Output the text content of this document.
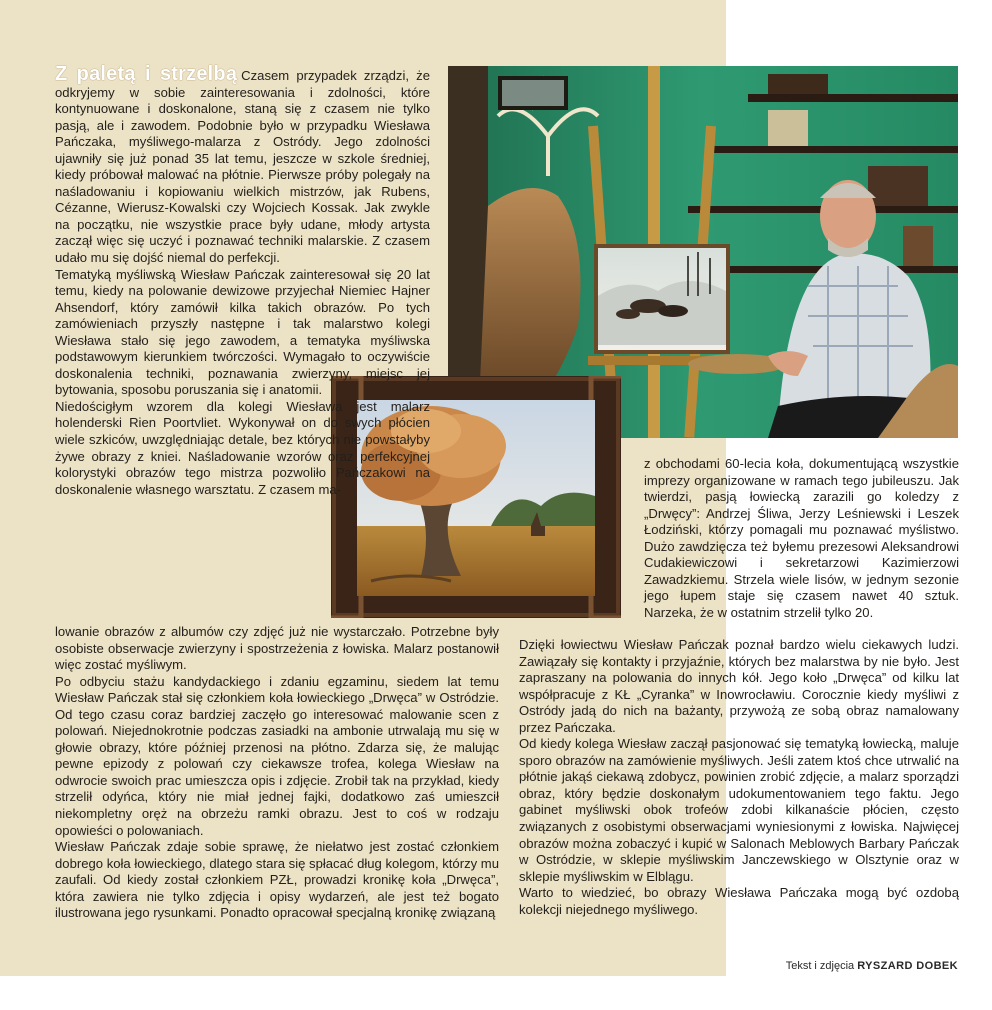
Z paletą i strzelbą Czasem przypadek zrządzi, że odkryjemy w sobie zainteresowania i zdolności, które kontynuowane i doskonalone, staną się z czasem nie tylko pasją, ale i zawodem. Podobnie było w przypadku Wiesława Pańczaka, myśliwego-malarza z Ostródy. Jego zdolności ujawniły się już ponad 35 lat temu, jeszcze w szkole średniej, kiedy próbował malować na płótnie. Pierwsze próby polegały na naśladowaniu i kopiowaniu wielkich mistrzów, jak Rubens, Cézanne, Wierusz-Kowalski czy Wojciech Kossak. Jak zwykle na początku, nie wszystkie prace były udane, młody artysta zaczął więc się uczyć i poznawać techniki malarskie. Z czasem udało mu się dojść niemal do perfekcji.

Tematyką myśliwską Wiesław Pańczak zainteresował się 20 lat temu, kiedy na polowanie dewizowe przyjechał Niemiec Hajner Ahsendorf, który zamówił kilka takich obrazów. Po tych zamówieniach przyszły następne i tak malarstwo kolegi Wiesława stało się jego zawodem, a tematyka myśliwska podstawowym kierunkiem twórczości. Wymagało to oczywiście doskonalenia techniki, poznawania zwierzyny, miejsc jej bytowania, sposobu poruszania się i anatomii.

Niedościgłym wzorem dla kolegi Wiesława jest malarz holenderski Rien Poortvliet. Wykonywał on do swych płócien wiele szkiców, uwzględniając detale, bez których nie powstałyby żywe obrazy z kniei. Naśladowanie wzorów oraz perfekcyjnej kolorystyki obrazów tego mistrza pozwoliło Pańczakowi na doskonalenie własnego warsztatu. Z czasem ma-

lowanie obrazów z albumów czy zdjęć już nie wystarczało. Potrzebne były osobiste obserwacje zwierzyny i spostrzeżenia z łowiska. Malarz postanowił więc zostać myśliwym.

Po odbyciu stażu kandydackiego i zdaniu egzaminu, siedem lat temu Wiesław Pańczak stał się członkiem koła łowieckiego „Drwęca” w Ostródzie. Od tego czasu coraz bardziej zaczęło go interesować malowanie scen z polowań. Niejednokrotnie podczas zasiadki na ambonie utrwalają mu się w głowie obrazy, które później przenosi na płótno. Zdarza się, że malując pewne epizody z polowań czy ciekawsze trofea, kolega Wiesław na odwrocie swoich prac umieszcza opis i zdjęcie. Zrobił tak na przykład, kiedy strzelił odyńca, który nie miał jednej fajki, dodatkowo zaś umieszcił niekompletny oręż na obrzeżu ramki obrazu. Jest to coś w rodzaju opowieści o polowaniach.

Wiesław Pańczak zdaje sobie sprawę, że niełatwo jest zostać członkiem dobrego koła łowieckiego, dlatego stara się spłacać dług kolegom, którzy mu zaufali. Od kiedy został członkiem PZŁ, prowadzi kronikę koła „Drwęca”, która zawiera nie tylko zdjęcia i opisy wydarzeń, ale jest też bogato ilustrowana jego rysunkami. Ponadto opracował specjalną kronikę związaną

z obchodami 60-lecia koła, dokumentującą wszystkie imprezy organizowane w ramach tego jubileuszu. Jak twierdzi, pasją łowiecką zarazili go koledzy z „Drwęcy”: Andrzej Śliwa, Jerzy Leśniewski i Leszek Łodziński, którzy pomagali mu poznawać myślistwo. Dużo zawdzięcza też byłemu prezesowi Aleksandrowi Cudakiewiczowi i sekretarzowi Kazimierzowi Zawadzkiemu. Strzela wiele lisów, w jednym sezonie jego łupem staje się czasem nawet 40 sztuk. Narzeka, że w ostatnim strzelił tylko 20.

Dzięki łowiectwu Wiesław Pańczak poznał bardzo wielu ciekawych ludzi. Zawiązały się kontakty i przyjaźnie, których bez malarstwa by nie było. Jest zapraszany na polowania do innych kół. Jego koło „Drwęca” od kilku lat współpracuje z KŁ „Cyranka” w Inowrocławiu. Corocznie kiedy myśliwi z Ostródy jadą do nich na bażanty, przywożą ze sobą obraz namalowany przez Pańczaka.

Od kiedy kolega Wiesław zaczął pasjonować się tematyką łowiecką, maluje sporo obrazów na zamówienie myśliwych. Jeśli zatem ktoś chce utrwalić na płótnie jakąś ciekawą zdobycz, powinien zrobić zdjęcie, a malarz sporządzi obraz, który będzie doskonałym udokumentowaniem tego faktu. Jego gabinet myśliwski obok trofeów zdobi kilkanaście płócien, często związanych z osobistymi obserwacjami wyniesionymi z łowiska. Najwięcej obrazów można zobaczyć i kupić w Salonach Meblowych Barbary Pańczak w Ostródzie, w sklepie myśliwskim Janczewskiego w Olsztynie oraz w sklepie myśliwskim w Elblągu.

Warto to wiedzieć, bo obrazy Wiesława Pańczaka mogą być ozdobą kolekcji niejednego myśliwego.

Tekst i zdjęcia RYSZARD DOBEK
